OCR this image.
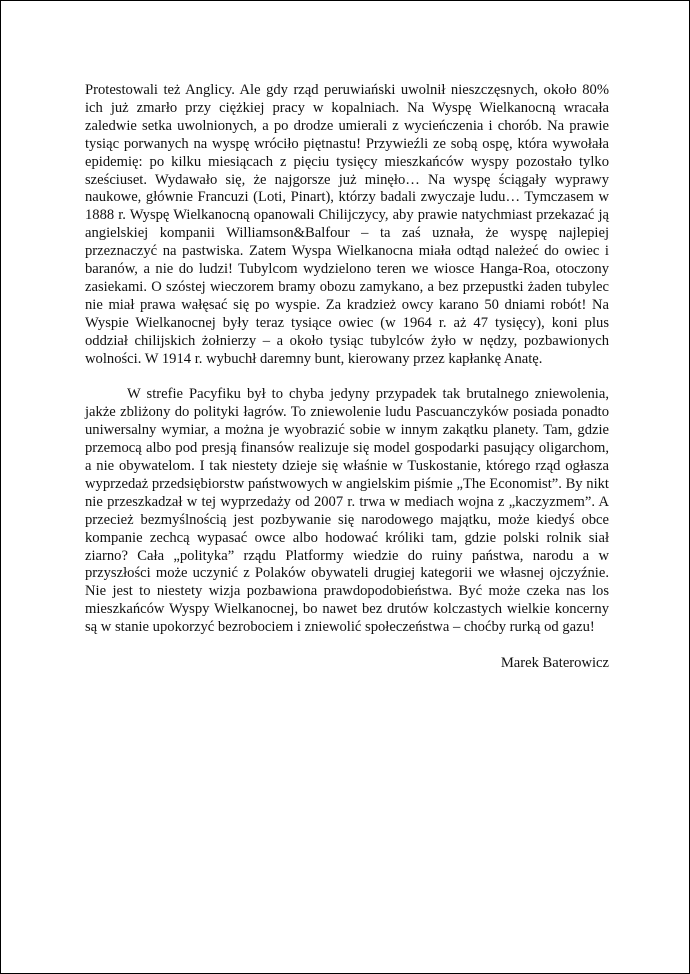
Protestowali też Anglicy. Ale gdy rząd peruwiański uwolnił nieszczęsnych, około 80% ich już zmarło przy ciężkiej pracy w kopalniach. Na Wyspę Wielkanocną wracała zaledwie setka uwolnionych, a po drodze umierali z wycieńczenia i chorób. Na prawie tysiąc porwanych na wyspę wróciło piętnastu! Przywieźli ze sobą ospę, która wywołała epidemię: po kilku miesiącach z pięciu tysięcy mieszkańców wyspy pozostało tylko sześciuset. Wydawało się, że najgorsze już minęło… Na wyspę ściągały wyprawy naukowe, głównie Francuzi (Loti, Pinart), którzy badali zwyczaje ludu… Tymczasem w 1888 r. Wyspę Wielkanocną opanowali Chilijczycy, aby prawie natychmiast przekazać ją angielskiej kompanii Williamson&Balfour – ta zaś uznała, że wyspę najlepiej przeznaczyć na pastwiska. Zatem Wyspa Wielkanocna miała odtąd należeć do owiec i baranów, a nie do ludzi! Tubylcom wydzielono teren we wiosce Hanga-Roa, otoczony zasiekami. O szóstej wieczorem bramy obozu zamykano, a bez przepustki żaden tubylec nie miał prawa wałęsać się po wyspie. Za kradzież owcy karano 50 dniami robót! Na Wyspie Wielkanocnej były teraz tysiące owiec (w 1964 r. aż 47 tysięcy), koni plus oddział chilijskich żołnierzy – a około tysiąc tubylców żyło w nędzy, pozbawionych wolności. W 1914 r. wybuchł daremny bunt, kierowany przez kapłankę Anatę.

W strefie Pacyfiku był to chyba jedyny przypadek tak brutalnego zniewolenia, jakże zbliżony do polityki łagrów. To zniewolenie ludu Pascuanczyków posiada ponadto uniwersalny wymiar, a można je wyobrazić sobie w innym zakątku planety. Tam, gdzie przemocą albo pod presją finansów realizuje się model gospodarki pasujący oligarchom, a nie obywatelom. I tak niestety dzieje się właśnie w Tuskostanie, którego rząd ogłasza wyprzedaż przedsiębiorstw państwowych w angielskim piśmie „The Economist”. By nikt nie przeszkadzał w tej wyprzedaży od 2007 r. trwa w mediach wojna z „kaczyzmem”. A przecież bezmyślnością jest pozbywanie się narodowego majątku, może kiedyś obce kompanie zechcą wypasać owce albo hodować króliki tam, gdzie polski rolnik siał ziarno? Cała „polityka” rządu Platformy wiedzie do ruiny państwa, narodu a w przyszłości może uczynić z Polaków obywateli drugiej kategorii we własnej ojczyźnie. Nie jest to niestety wizja pozbawiona prawdopodobieństwa. Być może czeka nas los mieszkańców Wyspy Wielkanocnej, bo nawet bez drutów kolczastych wielkie koncerny są w stanie upokorzyć bezrobociem i zniewolić społeczeństwa – choćby rurką od gazu!

Marek Baterowicz
